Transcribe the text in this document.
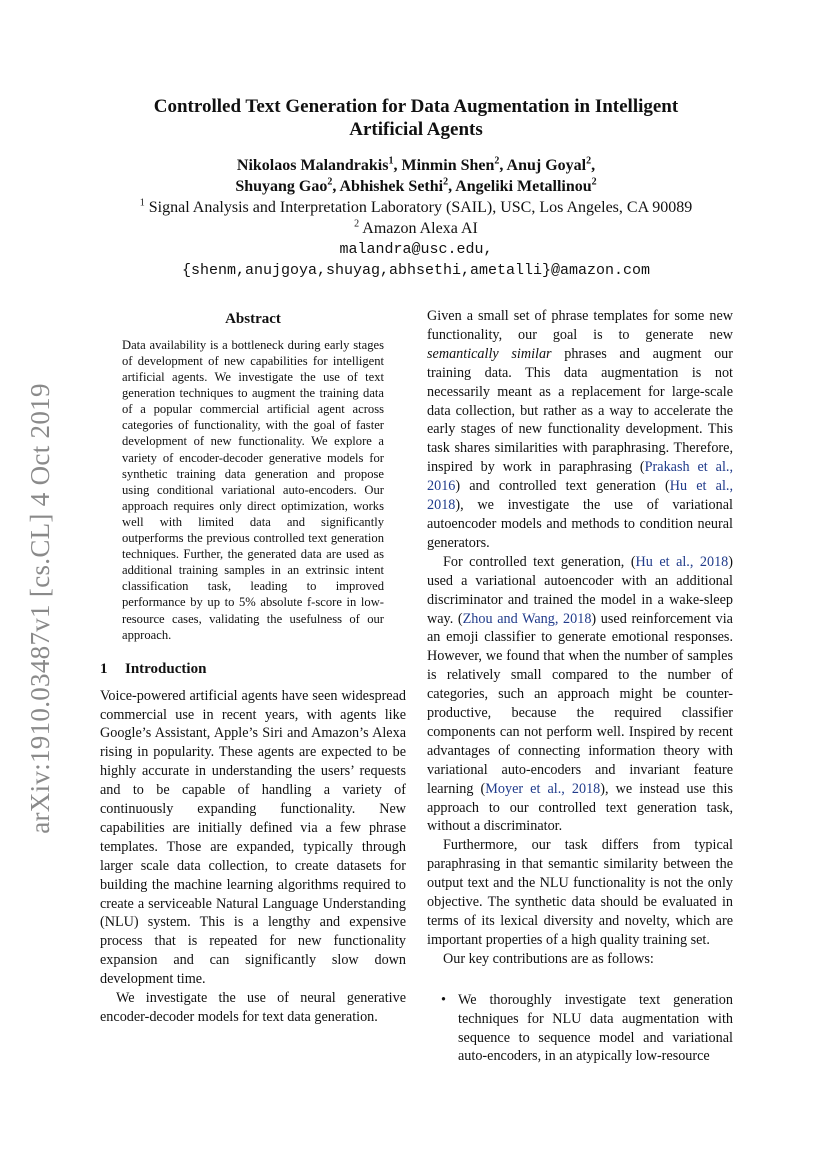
arXiv:1910.03487v1 [cs.CL] 4 Oct 2019
Controlled Text Generation for Data Augmentation in Intelligent Artificial Agents
Nikolaos Malandrakis$^1$, Minmin Shen$^2$, Anuj Goyal$^2$,
Shuyang Gao$^2$, Abhishek Sethi$^2$, Angeliki Metallinou$^2$
$^1$ Signal Analysis and Interpretation Laboratory (SAIL), USC, Los Angeles, CA 90089
$^2$ Amazon Alexa AI
malandra@usc.edu,
{shenm,anujgoya,shuyag,abhsethi,ametalli}@amazon.com
Abstract
Data availability is a bottleneck during early stages of development of new capabilities for intelligent artificial agents. We investigate the use of text generation techniques to augment the training data of a popular commercial artificial agent across categories of functionality, with the goal of faster development of new functionality. We explore a variety of encoder-decoder generative models for synthetic training data generation and propose using conditional variational auto-encoders. Our approach requires only direct optimization, works well with limited data and significantly outperforms the previous controlled text generation techniques. Further, the generated data are used as additional training samples in an extrinsic intent classification task, leading to improved performance by up to 5% absolute f-score in low-resource cases, validating the usefulness of our approach.
1 Introduction

Voice-powered artificial agents have seen widespread commercial use in recent years, with agents like Google’s Assistant, Apple’s Siri and Amazon’s Alexa rising in popularity. These agents are expected to be highly accurate in understanding the users’ requests and to be capable of handling a variety of continuously expanding functionality. New capabilities are initially defined via a few phrase templates. Those are expanded, typically through larger scale data collection, to create datasets for building the machine learning algorithms required to create a serviceable Natural Language Understanding (NLU) system. This is a lengthy and expensive process that is repeated for new functionality expansion and can significantly slow down development time.

We investigate the use of neural generative encoder-decoder models for text data generation.

Given a small set of phrase templates for some new functionality, our goal is to generate new semantically similar phrases and augment our training data. This data augmentation is not necessarily meant as a replacement for large-scale data collection, but rather as a way to accelerate the early stages of new functionality development. This task shares similarities with paraphrasing. Therefore, inspired by work in paraphrasing (Prakash et al., 2016) and controlled text generation (Hu et al., 2018), we investigate the use of variational autoencoder models and methods to condition neural generators.

For controlled text generation, (Hu et al., 2018) used a variational autoencoder with an additional discriminator and trained the model in a wake-sleep way. (Zhou and Wang, 2018) used reinforcement via an emoji classifier to generate emotional responses. However, we found that when the number of samples is relatively small compared to the number of categories, such an approach might be counter-productive, because the required classifier components can not perform well. Inspired by recent advantages of connecting information theory with variational auto-encoders and invariant feature learning (Moyer et al., 2018), we instead use this approach to our controlled text generation task, without a discriminator.

Furthermore, our task differs from typical paraphrasing in that semantic similarity between the output text and the NLU functionality is not the only objective. The synthetic data should be evaluated in terms of its lexical diversity and novelty, which are important properties of a high quality training set.

Our key contributions are as follows:

• We thoroughly investigate text generation techniques for NLU data augmentation with sequence to sequence model and variational auto-encoders, in an atypically low-resource
